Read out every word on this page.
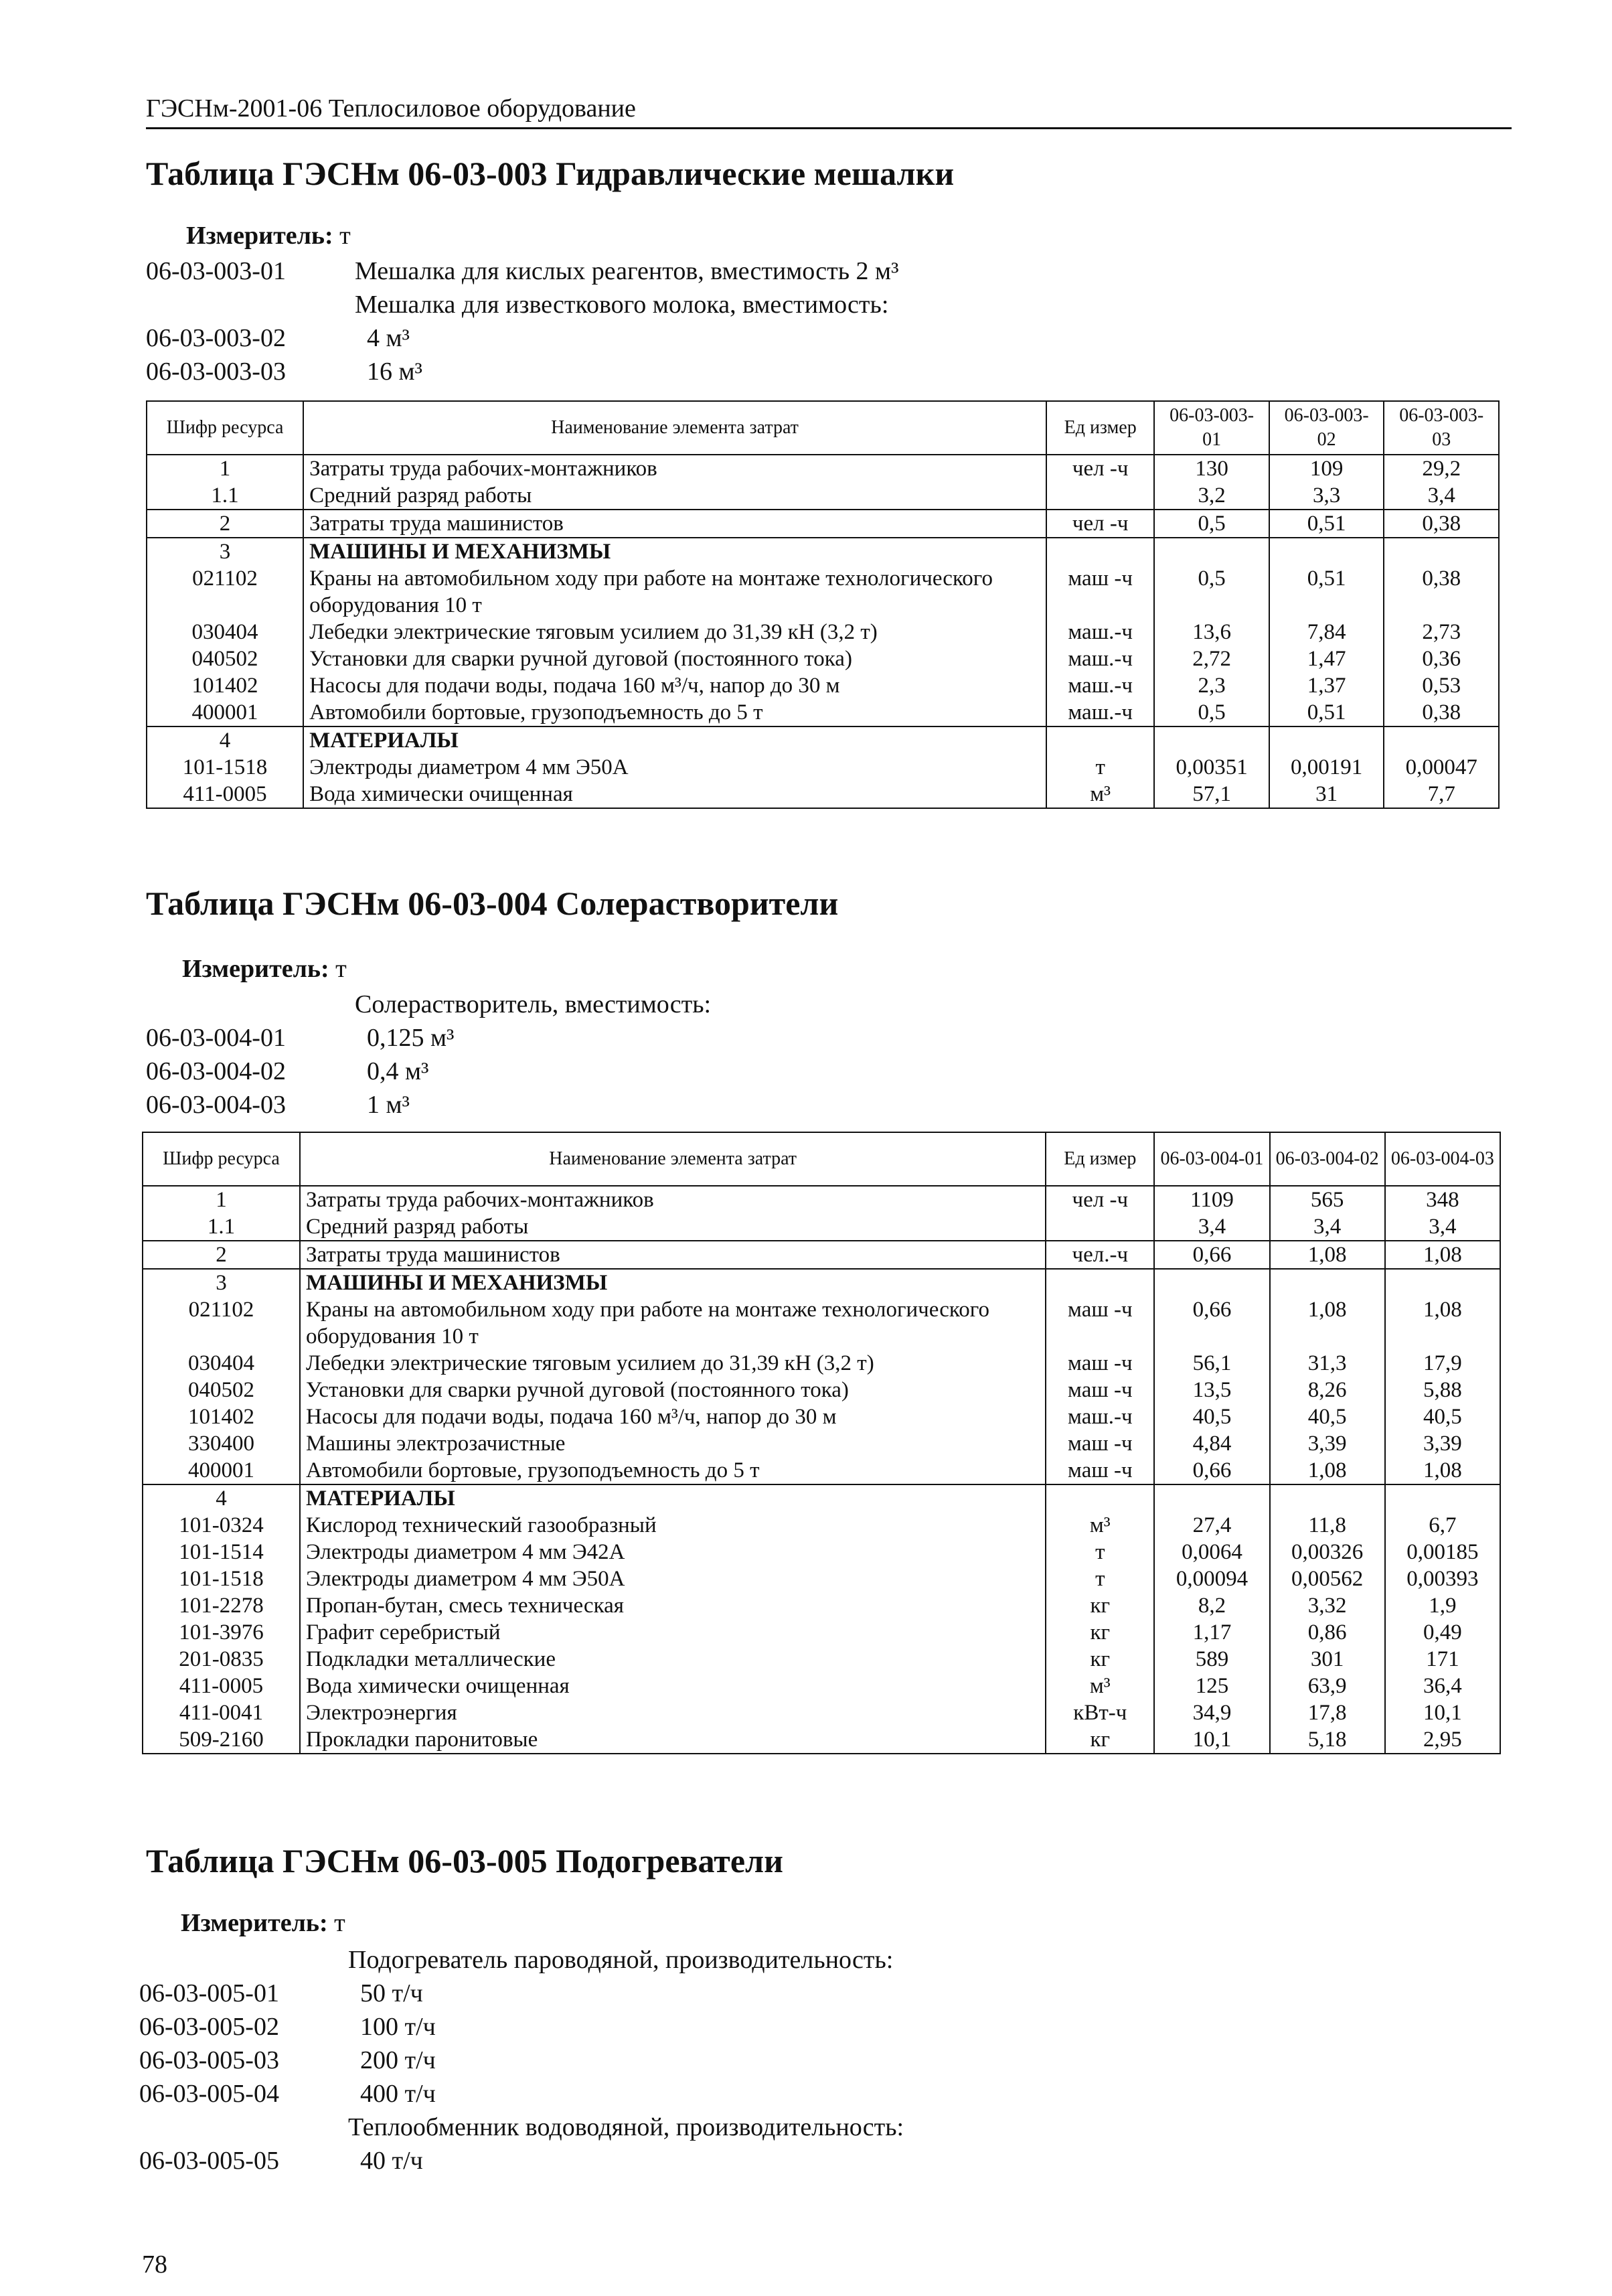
ГЭСНм-2001-06 Теплосиловое оборудование
Таблица ГЭСНм 06-03-003 Гидравлические мешалки
Измеритель: т
06-03-003-01	Мешалка для кислых реагентов, вместимость 2 м³
Мешалка для известкового молока, вместимость:
06-03-003-02	4 м³
06-03-003-03	16 м³
Шифр ресурса	Наименование элемента затрат	Ед измер	06-03-003-01	06-03-003-02	06-03-003-03
1	Затраты труда рабочих-монтажников	чел -ч	130	109	29,2
1.1	Средний разряд работы		3,2	3,3	3,4
2	Затраты труда машинистов	чел -ч	0,5	0,51	0,38
3	МАШИНЫ И МЕХАНИЗМЫ				
021102	Краны на автомобильном ходу при работе на монтаже технологического оборудования 10 т	маш -ч	0,5	0,51	0,38
030404	Лебедки электрические тяговым усилием до 31,39 кН (3,2 т)	маш.-ч	13,6	7,84	2,73
040502	Установки для сварки ручной дуговой (постоянного тока)	маш.-ч	2,72	1,47	0,36
101402	Насосы для подачи воды, подача 160 м³/ч, напор до 30 м	маш.-ч	2,3	1,37	0,53
400001	Автомобили бортовые, грузоподъемность до 5 т	маш.-ч	0,5	0,51	0,38
4	МАТЕРИАЛЫ				
101-1518	Электроды диаметром 4 мм Э50А	т	0,00351	0,00191	0,00047
411-0005	Вода химически очищенная	м³	57,1	31	7,7
Таблица ГЭСНм 06-03-004 Солерастворители
Измеритель: т
Солерастворитель, вместимость:
06-03-004-01	0,125 м³
06-03-004-02	0,4 м³
06-03-004-03	1 м³
Шифр ресурса	Наименование элемента затрат	Ед измер	06-03-004-01	06-03-004-02	06-03-004-03
1	Затраты труда рабочих-монтажников	чел -ч	1109	565	348
1.1	Средний разряд работы		3,4	3,4	3,4
2	Затраты труда машинистов	чел.-ч	0,66	1,08	1,08
3	МАШИНЫ И МЕХАНИЗМЫ				
021102	Краны на автомобильном ходу при работе на монтаже технологического оборудования 10 т	маш -ч	0,66	1,08	1,08
030404	Лебедки электрические тяговым усилием до 31,39 кН (3,2 т)	маш -ч	56,1	31,3	17,9
040502	Установки для сварки ручной дуговой (постоянного тока)	маш -ч	13,5	8,26	5,88
101402	Насосы для подачи воды, подача 160 м³/ч, напор до 30 м	маш.-ч	40,5	40,5	40,5
330400	Машины электрозачистные	маш -ч	4,84	3,39	3,39
400001	Автомобили бортовые, грузоподъемность до 5 т	маш -ч	0,66	1,08	1,08
4	МАТЕРИАЛЫ				
101-0324	Кислород технический газообразный	м³	27,4	11,8	6,7
101-1514	Электроды диаметром 4 мм Э42А	т	0,0064	0,00326	0,00185
101-1518	Электроды диаметром 4 мм Э50А	т	0,00094	0,00562	0,00393
101-2278	Пропан-бутан, смесь техническая	кг	8,2	3,32	1,9
101-3976	Графит серебристый	кг	1,17	0,86	0,49
201-0835	Подкладки металлические	кг	589	301	171
411-0005	Вода химически очищенная	м³	125	63,9	36,4
411-0041	Электроэнергия	кВт-ч	34,9	17,8	10,1
509-2160	Прокладки паронитовые	кг	10,1	5,18	2,95
Таблица ГЭСНм 06-03-005 Подогреватели
Измеритель: т
Подогреватель пароводяной, производительность:
06-03-005-01	50 т/ч
06-03-005-02	100 т/ч
06-03-005-03	200 т/ч
06-03-005-04	400 т/ч
Теплообменник водоводяной, производительность:
06-03-005-05	40 т/ч
78
